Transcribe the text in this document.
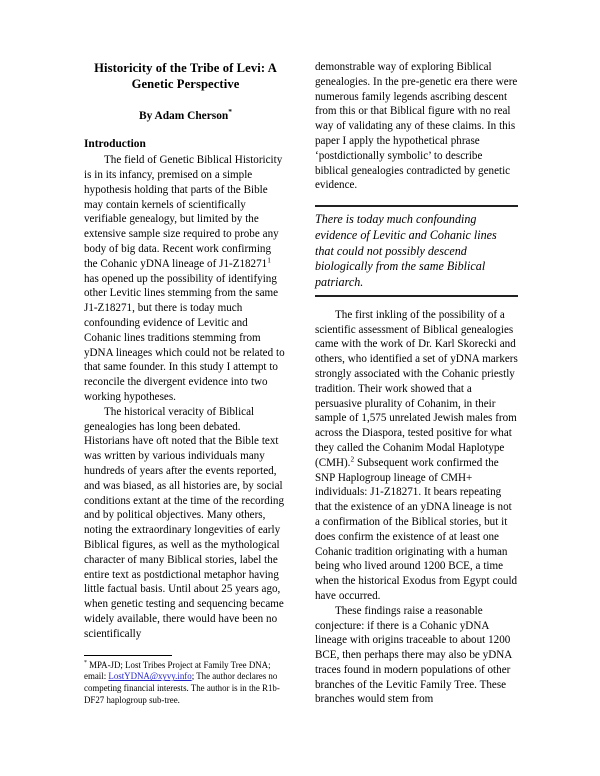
Historicity of the Tribe of Levi: A Genetic Perspective
By Adam Cherson*
Introduction

The field of Genetic Biblical Historicity is in its infancy, premised on a simple hypothesis holding that parts of the Bible may contain kernels of scientifically verifiable genealogy, but limited by the extensive sample size required to probe any body of big data. Recent work confirming the Cohanic yDNA lineage of J1-Z18271$^1$ has opened up the possibility of identifying other Levitic lines stemming from the same J1-Z18271, but there is today much confounding evidence of Levitic and Cohanic lines traditions stemming from yDNA lineages which could not be related to that same founder. In this study I attempt to reconcile the divergent evidence into two working hypotheses.

The historical veracity of Biblical genealogies has long been debated. Historians have oft noted that the Bible text was written by various individuals many hundreds of years after the events reported, and was biased, as all histories are, by social conditions extant at the time of the recording and by political objectives. Many others, noting the extraordinary longevities of early Biblical figures, as well as the mythological character of many Biblical stories, label the entire text as postdictional metaphor having little factual basis. Until about 25 years ago, when genetic testing and sequencing became widely available, there would have been no scientifically

* MPA-JD; Lost Tribes Project at Family Tree DNA; email: LostYDNA@xyvy.info; The author declares no competing financial interests. The author is in the R1b-DF27 haplogroup sub-tree.

demonstrable way of exploring Biblical genealogies. In the pre-genetic era there were numerous family legends ascribing descent from this or that Biblical figure with no real way of validating any of these claims. In this paper I apply the hypothetical phrase ‘postdictionally symbolic’ to describe biblical genealogies contradicted by genetic evidence.

There is today much confounding evidence of Levitic and Cohanic lines that could not possibly descend biologically from the same Biblical patriarch.

The first inkling of the possibility of a scientific assessment of Biblical genealogies came with the work of Dr. Karl Skorecki and others, who identified a set of yDNA markers strongly associated with the Cohanic priestly tradition. Their work showed that a persuasive plurality of Cohanim, in their sample of 1,575 unrelated Jewish males from across the Diaspora, tested positive for what they called the Cohanim Modal Haplotype (CMH).$^2$ Subsequent work confirmed the SNP Haplogroup lineage of CMH+ individuals: J1-Z18271. It bears repeating that the existence of an yDNA lineage is not a confirmation of the Biblical stories, but it does confirm the existence of at least one Cohanic tradition originating with a human being who lived around 1200 BCE, a time when the historical Exodus from Egypt could have occurred.

These findings raise a reasonable conjecture: if there is a Cohanic yDNA lineage with origins traceable to about 1200 BCE, then perhaps there may also be yDNA traces found in modern populations of other branches of the Levitic Family Tree. These branches would stem from
